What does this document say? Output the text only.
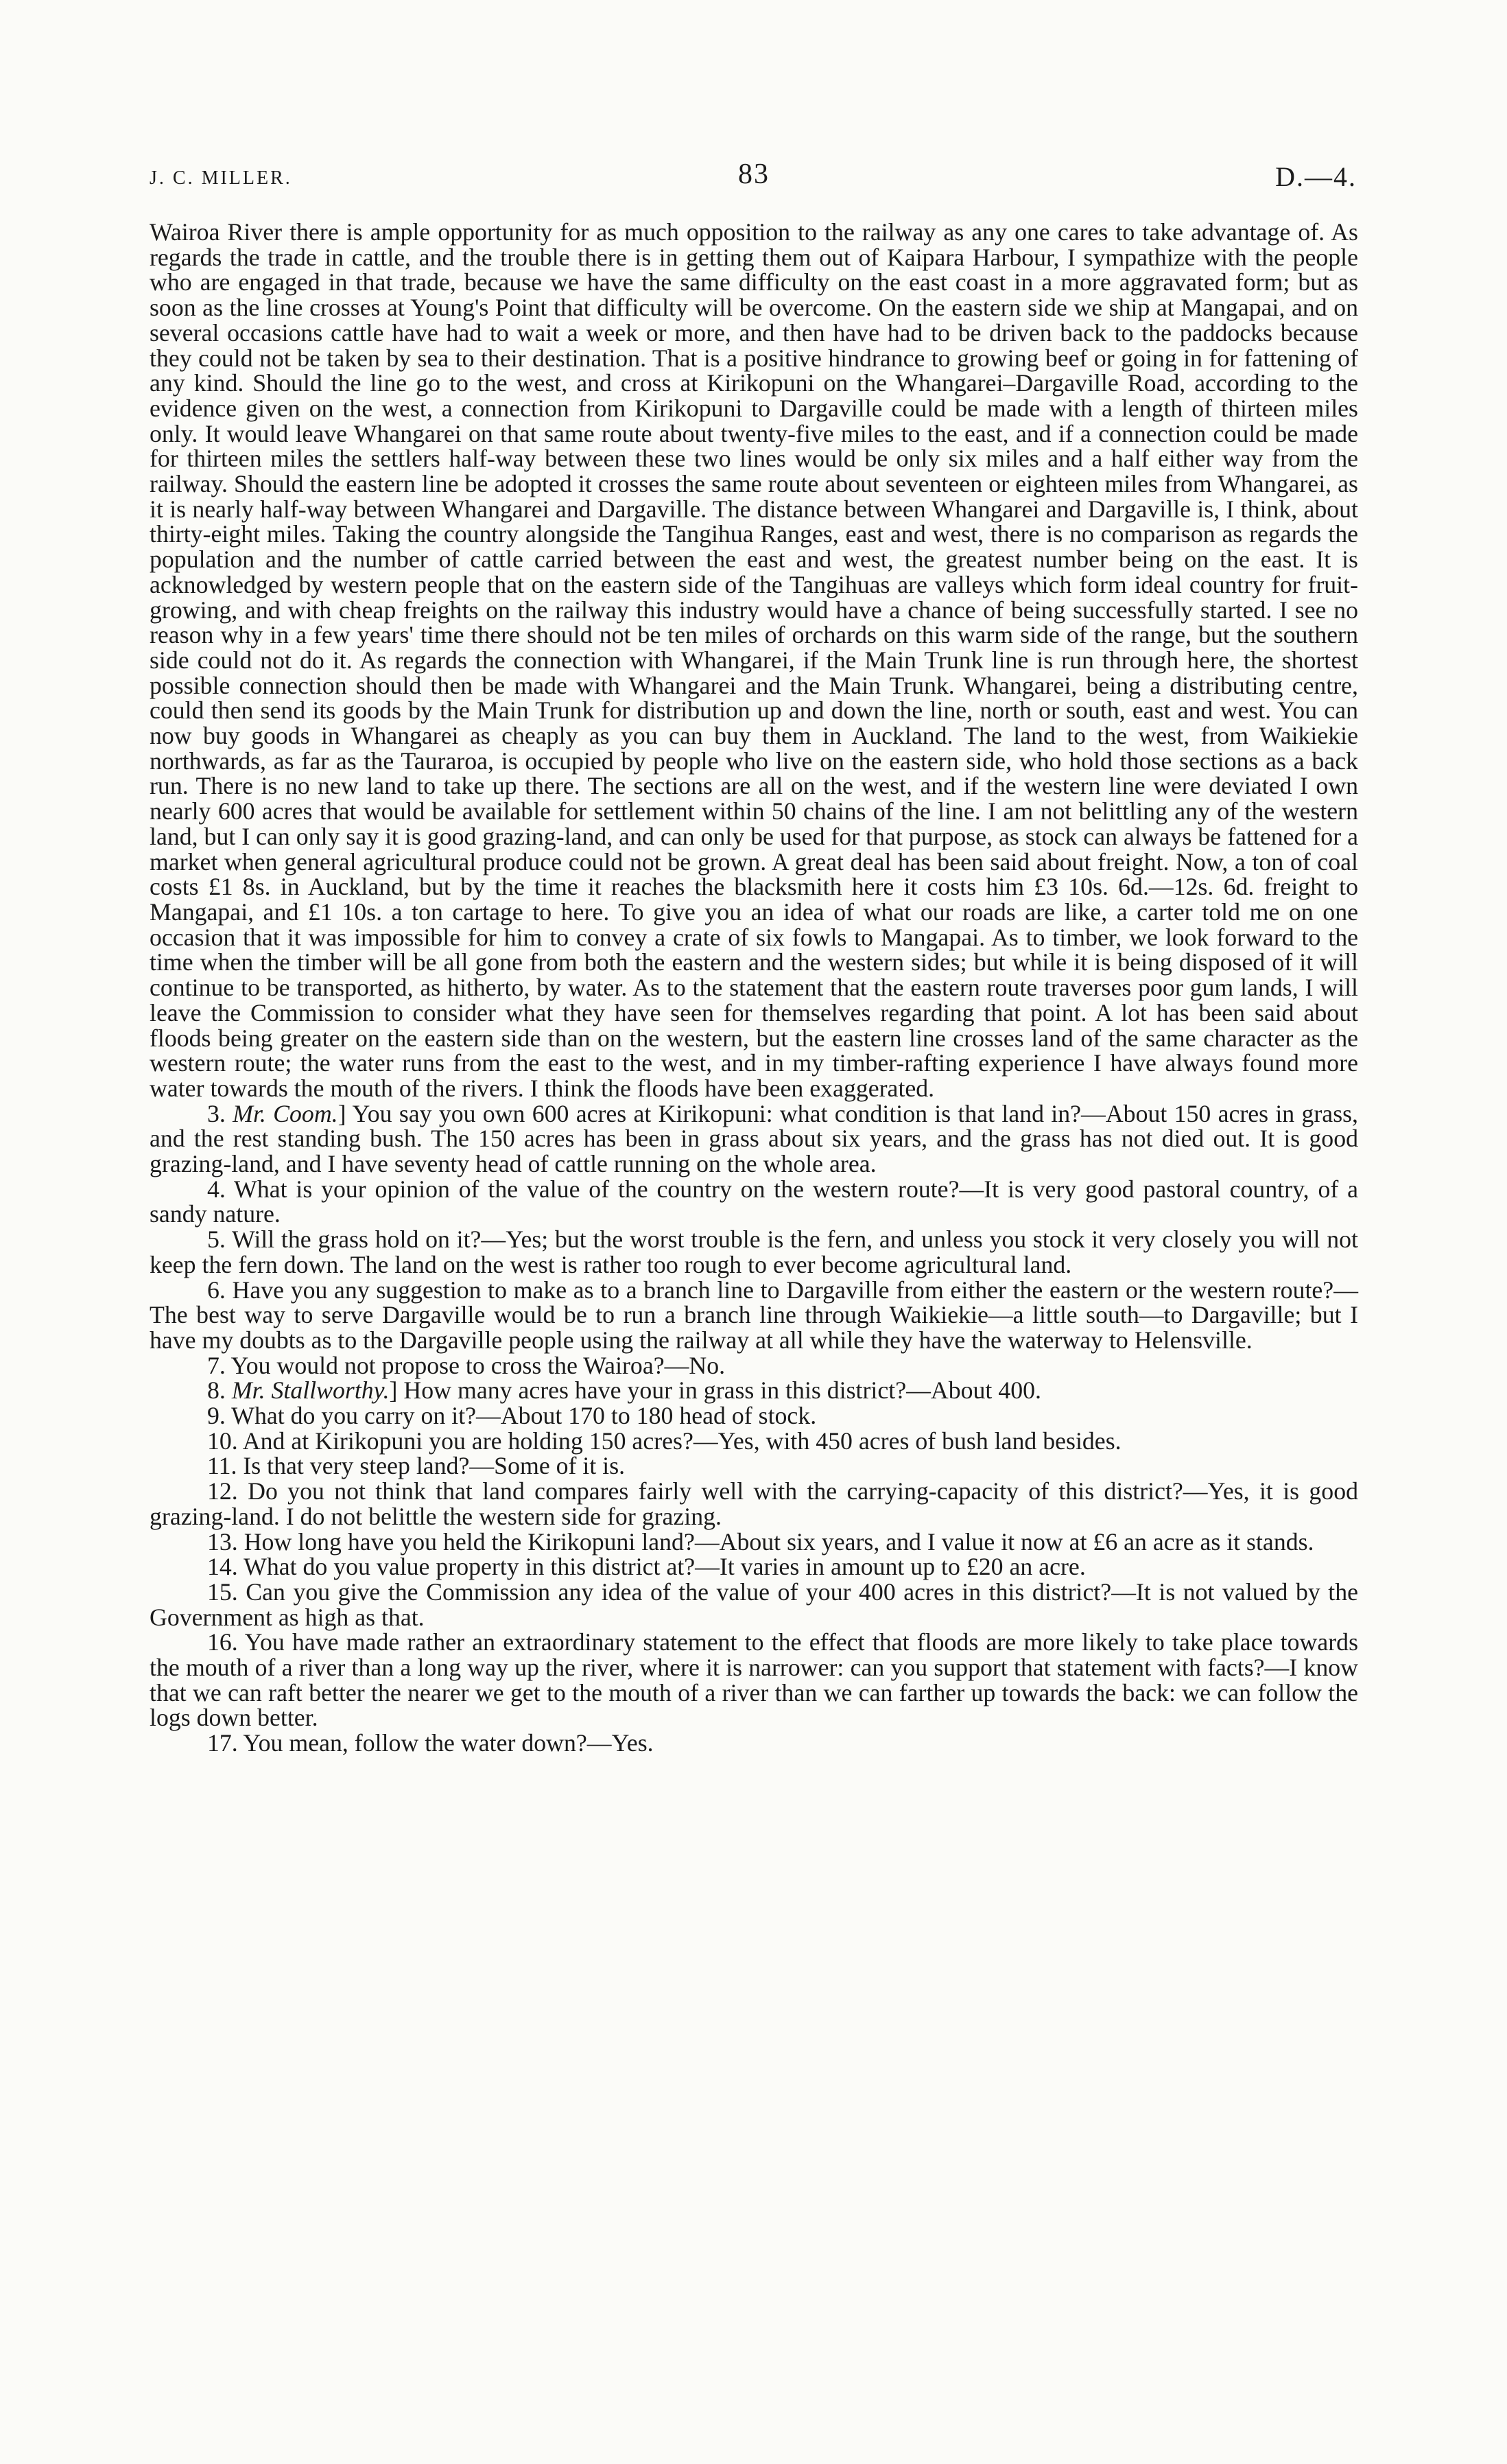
J. C. MILLER.	83	D.—4.

Wairoa River there is ample opportunity for as much opposition to the railway as any one cares to take advantage of. As regards the trade in cattle, and the trouble there is in getting them out of Kaipara Harbour, I sympathize with the people who are engaged in that trade, because we have the same difficulty on the east coast in a more aggravated form; but as soon as the line crosses at Young's Point that difficulty will be overcome. On the eastern side we ship at Mangapai, and on several occasions cattle have had to wait a week or more, and then have had to be driven back to the paddocks because they could not be taken by sea to their destination. That is a positive hindrance to growing beef or going in for fattening of any kind. Should the line go to the west, and cross at Kirikopuni on the Whangarei–Dargaville Road, according to the evidence given on the west, a connection from Kirikopuni to Dargaville could be made with a length of thirteen miles only. It would leave Whangarei on that same route about twenty-five miles to the east, and if a connection could be made for thirteen miles the settlers half-way between these two lines would be only six miles and a half either way from the railway. Should the eastern line be adopted it crosses the same route about seventeen or eighteen miles from Whangarei, as it is nearly half-way between Whangarei and Dargaville. The distance between Whangarei and Dargaville is, I think, about thirty-eight miles. Taking the country alongside the Tangihua Ranges, east and west, there is no comparison as regards the population and the number of cattle carried between the east and west, the greatest number being on the east. It is acknowledged by western people that on the eastern side of the Tangihuas are valleys which form ideal country for fruit-growing, and with cheap freights on the railway this industry would have a chance of being successfully started. I see no reason why in a few years' time there should not be ten miles of orchards on this warm side of the range, but the southern side could not do it. As regards the connection with Whangarei, if the Main Trunk line is run through here, the shortest possible connection should then be made with Whangarei and the Main Trunk. Whangarei, being a distributing centre, could then send its goods by the Main Trunk for distribution up and down the line, north or south, east and west. You can now buy goods in Whangarei as cheaply as you can buy them in Auckland. The land to the west, from Waikiekie northwards, as far as the Tauraroa, is occupied by people who live on the eastern side, who hold those sections as a back run. There is no new land to take up there. The sections are all on the west, and if the western line were deviated I own nearly 600 acres that would be available for settlement within 50 chains of the line. I am not belittling any of the western land, but I can only say it is good grazing-land, and can only be used for that purpose, as stock can always be fattened for a market when general agricultural produce could not be grown. A great deal has been said about freight. Now, a ton of coal costs £1 8s. in Auckland, but by the time it reaches the blacksmith here it costs him £3 10s. 6d.—12s. 6d. freight to Mangapai, and £1 10s. a ton cartage to here. To give you an idea of what our roads are like, a carter told me on one occasion that it was impossible for him to convey a crate of six fowls to Mangapai. As to timber, we look forward to the time when the timber will be all gone from both the eastern and the western sides; but while it is being disposed of it will continue to be transported, as hitherto, by water. As to the statement that the eastern route traverses poor gum lands, I will leave the Commission to consider what they have seen for themselves regarding that point. A lot has been said about floods being greater on the eastern side than on the western, but the eastern line crosses land of the same character as the western route; the water runs from the east to the west, and in my timber-rafting experience I have always found more water towards the mouth of the rivers. I think the floods have been exaggerated.

3. Mr. Coom.] You say you own 600 acres at Kirikopuni: what condition is that land in?—About 150 acres in grass, and the rest standing bush. The 150 acres has been in grass about six years, and the grass has not died out. It is good grazing-land, and I have seventy head of cattle running on the whole area.

4. What is your opinion of the value of the country on the western route?—It is very good pastoral country, of a sandy nature.

5. Will the grass hold on it?—Yes; but the worst trouble is the fern, and unless you stock it very closely you will not keep the fern down. The land on the west is rather too rough to ever become agricultural land.

6. Have you any suggestion to make as to a branch line to Dargaville from either the eastern or the western route?—The best way to serve Dargaville would be to run a branch line through Waikiekie—a little south—to Dargaville; but I have my doubts as to the Dargaville people using the railway at all while they have the waterway to Helensville.

7. You would not propose to cross the Wairoa?—No.

8. Mr. Stallworthy.] How many acres have your in grass in this district?—About 400.

9. What do you carry on it?—About 170 to 180 head of stock.

10. And at Kirikopuni you are holding 150 acres?—Yes, with 450 acres of bush land besides.

11. Is that very steep land?—Some of it is.

12. Do you not think that land compares fairly well with the carrying-capacity of this district?—Yes, it is good grazing-land. I do not belittle the western side for grazing.

13. How long have you held the Kirikopuni land?—About six years, and I value it now at £6 an acre as it stands.

14. What do you value property in this district at?—It varies in amount up to £20 an acre.

15. Can you give the Commission any idea of the value of your 400 acres in this district?—It is not valued by the Government as high as that.

16. You have made rather an extraordinary statement to the effect that floods are more likely to take place towards the mouth of a river than a long way up the river, where it is narrower: can you support that statement with facts?—I know that we can raft better the nearer we get to the mouth of a river than we can farther up towards the back: we can follow the logs down better.

17. You mean, follow the water down?—Yes.
